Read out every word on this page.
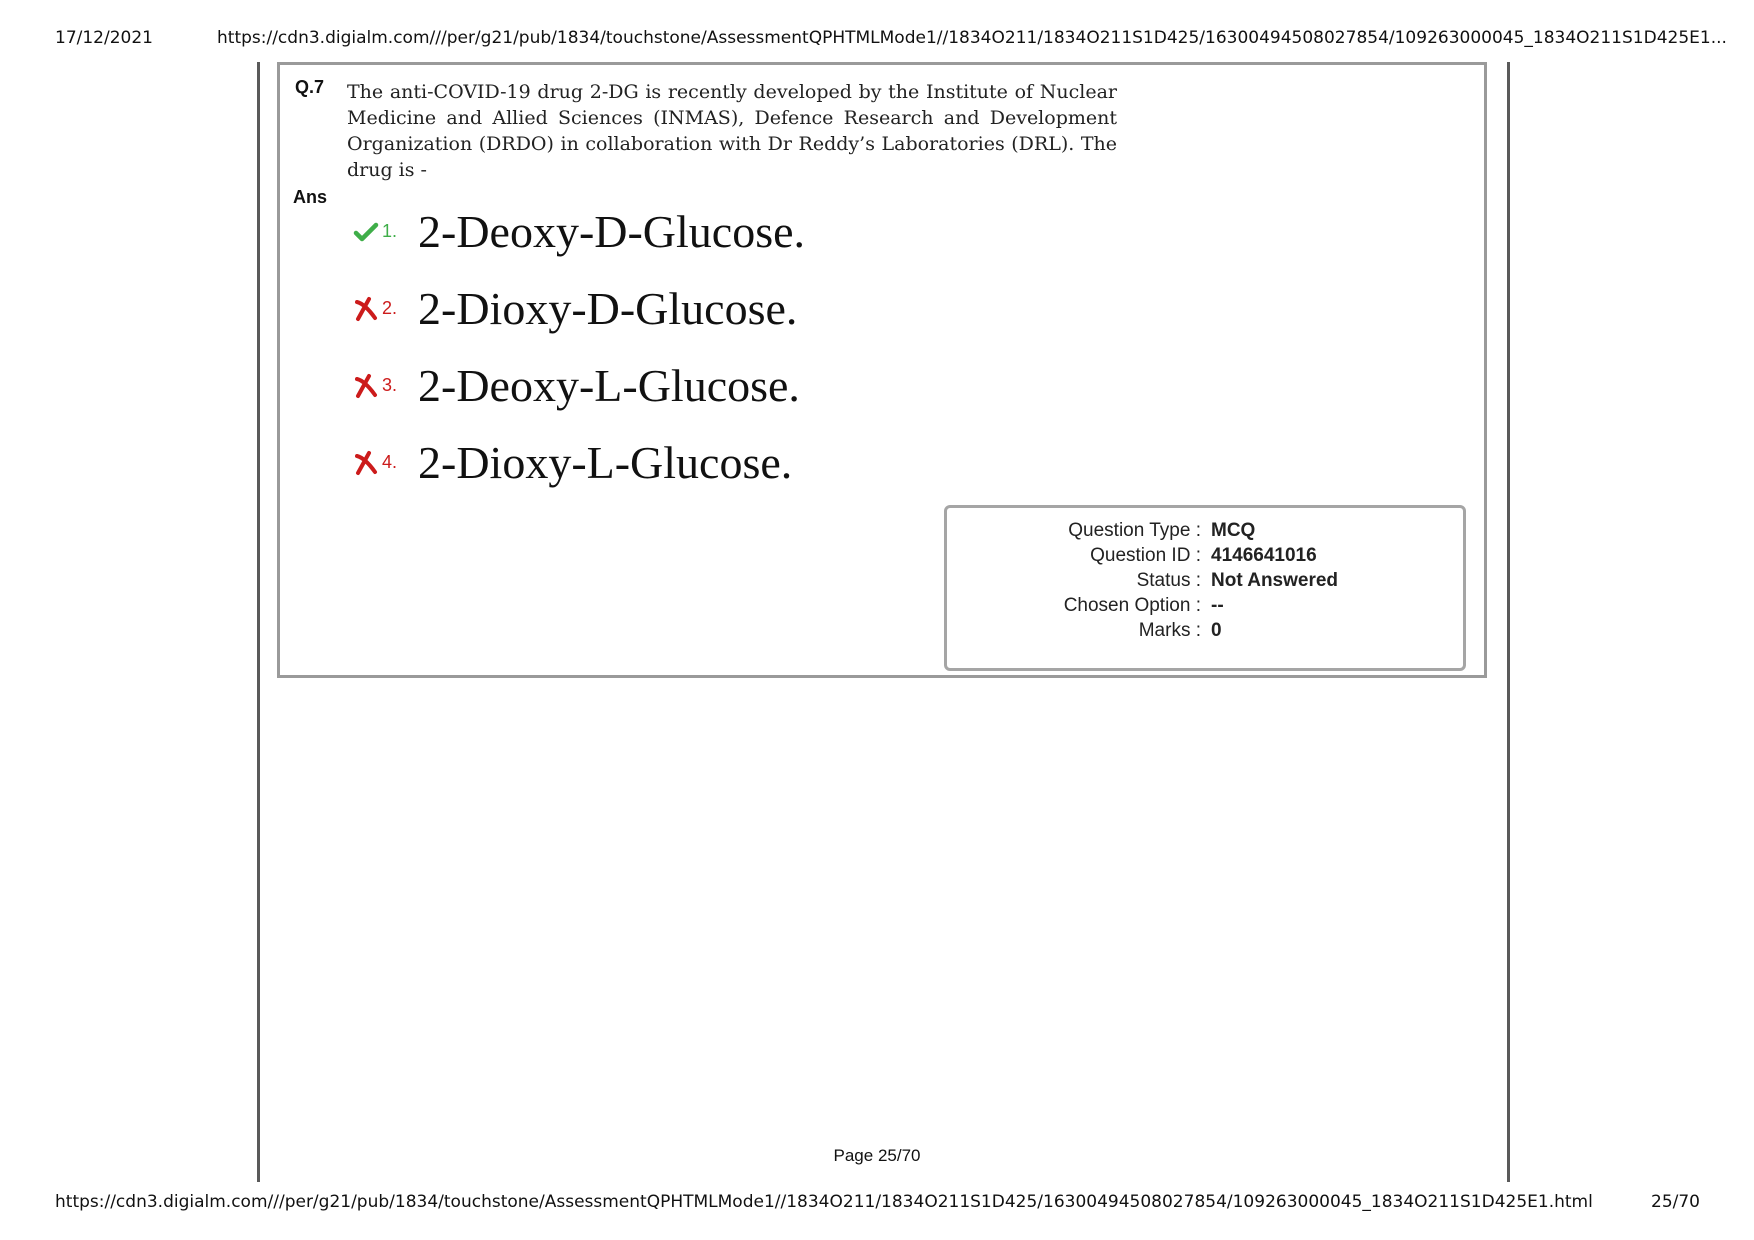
17/12/2021	https://cdn3.digialm.com///per/g21/pub/1834/touchstone/AssessmentQPHTMLMode1//1834O211/1834O211S1D425/16300494508027854/109263000045_1834O211S1D425E1...
Q.7 The anti-COVID-19 drug 2-DG is recently developed by the Institute of Nuclear Medicine and Allied Sciences (INMAS), Defence Research and Development Organization (DRDO) in collaboration with Dr Reddy’s Laboratories (DRL). The drug is -
Ans
1. 2-Deoxy-D-Glucose.
2. 2-Dioxy-D-Glucose.
3. 2-Deoxy-L-Glucose.
4. 2-Dioxy-L-Glucose.
Question Type : MCQ
Question ID : 4146641016
Status : Not Answered
Chosen Option : --
Marks : 0
Page 25/70
https://cdn3.digialm.com///per/g21/pub/1834/touchstone/AssessmentQPHTMLMode1//1834O211/1834O211S1D425/16300494508027854/109263000045_1834O211S1D425E1.html	25/70
